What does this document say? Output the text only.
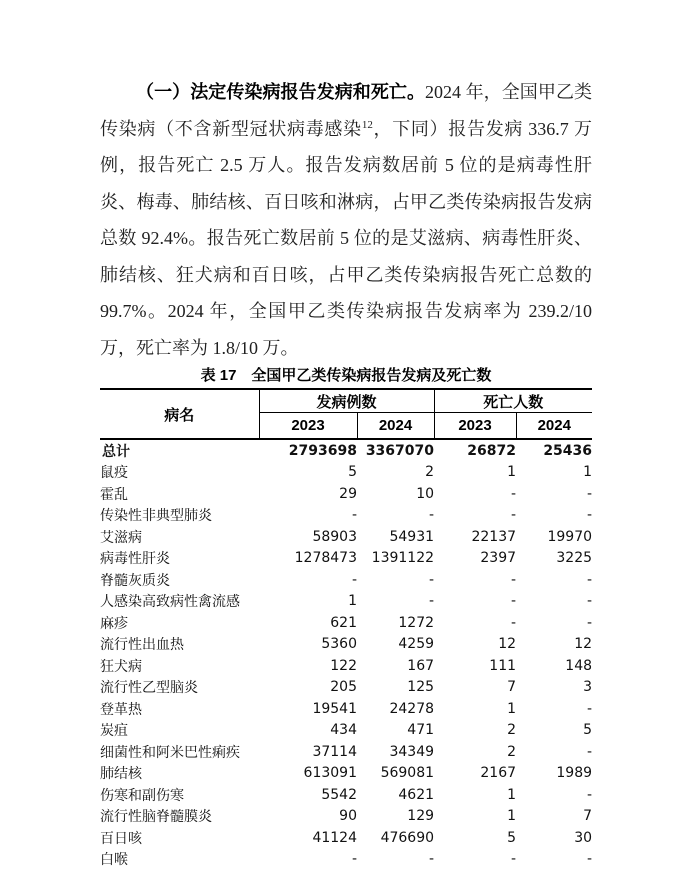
（一）法定传染病报告发病和死亡。2024 年，全国甲乙类传染病（不含新型冠状病毒感染$^{12}$，下同）报告发病 336.7 万例，报告死亡 2.5 万人。报告发病数居前 5 位的是病毒性肝炎、梅毒、肺结核、百日咳和淋病，占甲乙类传染病报告发病总数 92.4%。报告死亡数居前 5 位的是艾滋病、病毒性肝炎、肺结核、狂犬病和百日咳，占甲乙类传染病报告死亡总数的 99.7%。2024 年，全国甲乙类传染病报告发病率为 239.2/10 万，死亡率为 1.8/10 万。

表 17　全国甲乙类传染病报告发病及死亡数
病名	发病例数		死亡人数	
	2023	2024	2023	2024
总计	2793698	3367070	26872	25436
鼠疫	5	2	1	1
霍乱	29	10	-	-
传染性非典型肺炎	-	-	-	-
艾滋病	58903	54931	22137	19970
病毒性肝炎	1278473	1391122	2397	3225
脊髓灰质炎	-	-	-	-
人感染高致病性禽流感	1	-	-	-
麻疹	621	1272	-	-
流行性出血热	5360	4259	12	12
狂犬病	122	167	111	148
流行性乙型脑炎	205	125	7	3
登革热	19541	24278	1	-
炭疽	434	471	2	5
细菌性和阿米巴性痢疾	37114	34349	2	-
肺结核	613091	569081	2167	1989
伤寒和副伤寒	5542	4621	1	-
流行性脑脊髓膜炎	90	129	1	7
百日咳	41124	476690	5	30
白喉	-	-	-	-
